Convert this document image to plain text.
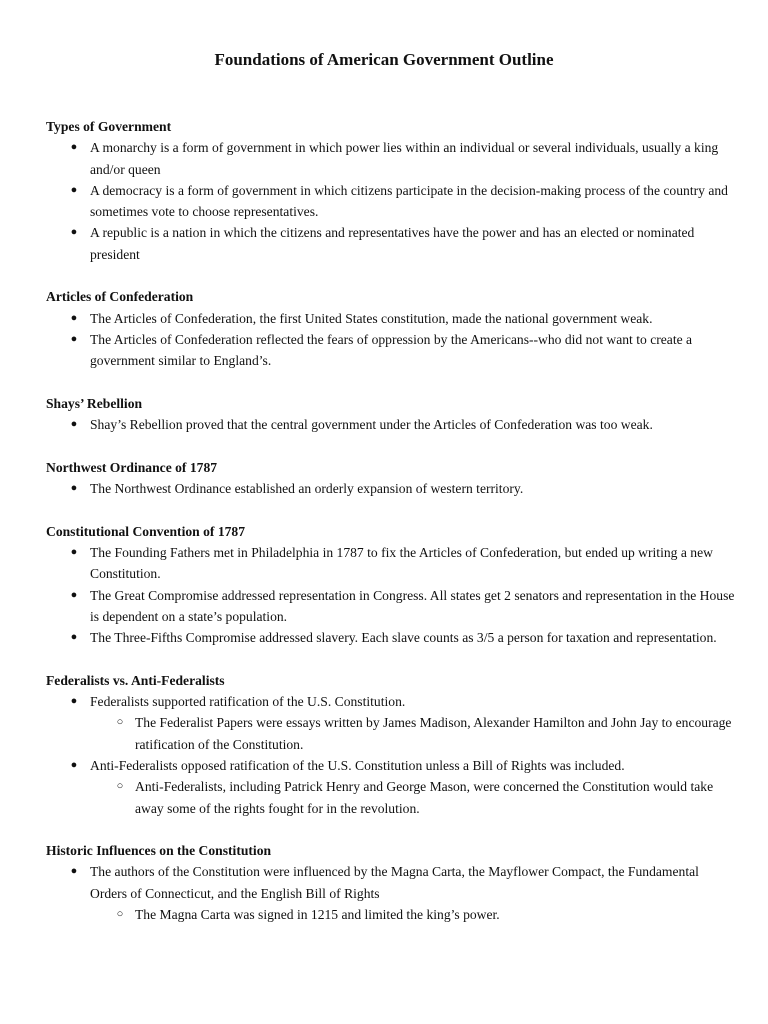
Foundations of American Government Outline

Types of Government

● A monarchy is a form of government in which power lies within an individual or several individuals, usually a king and/or queen
● A democracy is a form of government in which citizens participate in the decision-making process of the country and sometimes vote to choose representatives.
● A republic is a nation in which the citizens and representatives have the power and has an elected or nominated president

Articles of Confederation

● The Articles of Confederation, the first United States constitution, made the national government weak.
● The Articles of Confederation reflected the fears of oppression by the Americans--who did not want to create a government similar to England’s.

Shays’ Rebellion

● Shay’s Rebellion proved that the central government under the Articles of Confederation was too weak.

Northwest Ordinance of 1787

● The Northwest Ordinance established an orderly expansion of western territory.

Constitutional Convention of 1787

● The Founding Fathers met in Philadelphia in 1787 to fix the Articles of Confederation, but ended up writing a new Constitution.
● The Great Compromise addressed representation in Congress. All states get 2 senators and representation in the House is dependent on a state’s population.
● The Three-Fifths Compromise addressed slavery. Each slave counts as 3/5 a person for taxation and representation.

Federalists vs. Anti-Federalists

● Federalists supported ratification of the U.S. Constitution.
○ The Federalist Papers were essays written by James Madison, Alexander Hamilton and John Jay to encourage ratification of the Constitution.
● Anti-Federalists opposed ratification of the U.S. Constitution unless a Bill of Rights was included.
○ Anti-Federalists, including Patrick Henry and George Mason, were concerned the Constitution would take away some of the rights fought for in the revolution.

Historic Influences on the Constitution

● The authors of the Constitution were influenced by the Magna Carta, the Mayflower Compact, the Fundamental Orders of Connecticut, and the English Bill of Rights
○ The Magna Carta was signed in 1215 and limited the king’s power.
